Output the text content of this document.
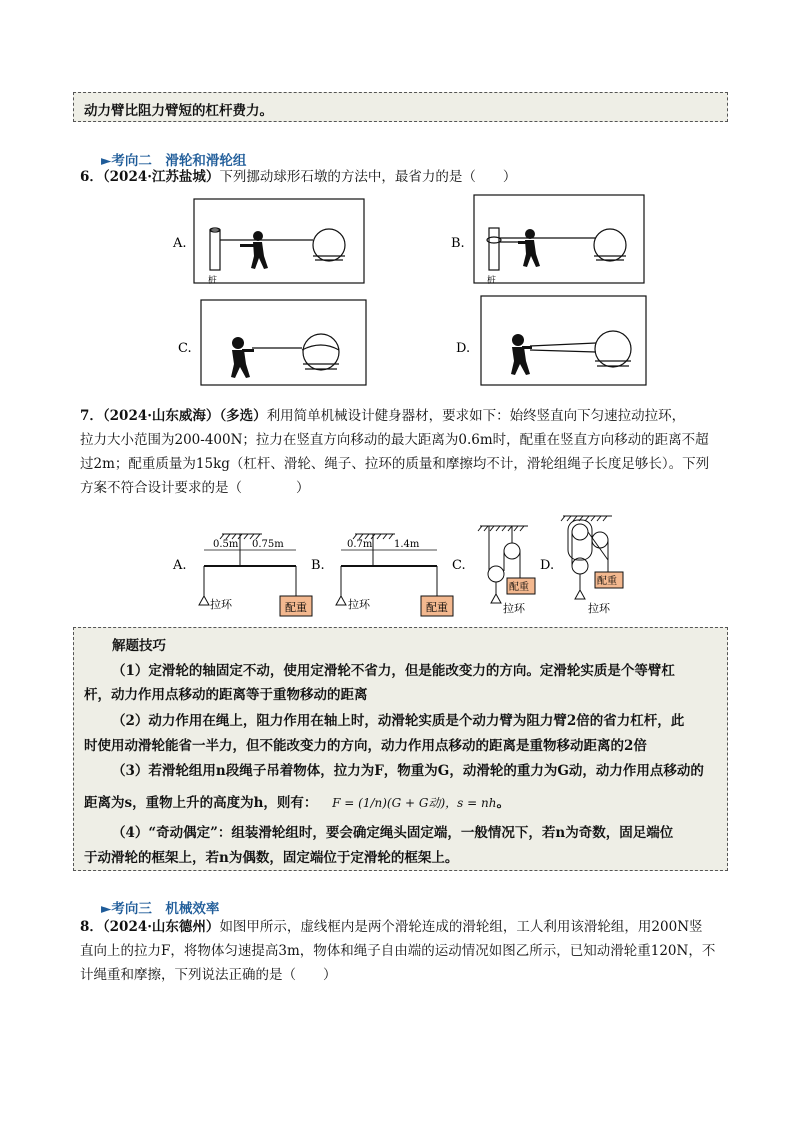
动力臂比阻力臂短的杠杆费力。
►考向二　滑轮和滑轮组
6．（2024·江苏盐城）下列挪动球形石墩的方法中，最省力的是（　　）
A.
桩
B.
桩
C.	D.
7．（2024·山东威海）（多选）利用简单机械设计健身器材，要求如下：始终竖直向下匀速拉动拉环，
拉力大小范围为200-400N；拉力在竖直方向移动的最大距离为0.6m时，配重在竖直方向移动的距离不超
过2m；配重质量为15kg（杠杆、滑轮、绳子、拉环的质量和摩擦均不计，滑轮组绳子长度足够长）。下列
方案不符合设计要求的是（　　　　）
A.
0.5m 0.75m
拉环	配重
B.
0.7m 1.4m
拉环	配重
C.
配重
拉环
D.
配重
拉环
解题技巧
（1）定滑轮的轴固定不动，使用定滑轮不省力，但是能改变力的方向。定滑轮实质是个等臂杠
杆，动力作用点移动的距离等于重物移动的距离
（2）动力作用在绳上，阻力作用在轴上时，动滑轮实质是个动力臂为阻力臂2倍的省力杠杆，此
时使用动滑轮能省一半力，但不能改变力的方向，动力作用点移动的距离是重物移动距离的2倍
（3）若滑轮组用n段绳子吊着物体，拉力为F，物重为G，动滑轮的重力为G动，动力作用点移动的
距离为s，重物上升的高度为h，则有： F = (1/n)(G + G动)，s = nh。
（4）“奇动偶定”：组装滑轮组时，要会确定绳头固定端，一般情况下，若n为奇数，固足端位
于动滑轮的框架上，若n为偶数，固定端位于定滑轮的框架上。
►考向三　机械效率
8．（2024·山东德州）如图甲所示，虚线框内是两个滑轮连成的滑轮组，工人利用该滑轮组，用200N竖
直向上的拉力F，将物体匀速提高3m，物体和绳子自由端的运动情况如图乙所示，已知动滑轮重120N，不
计绳重和摩擦，下列说法正确的是（　　）
